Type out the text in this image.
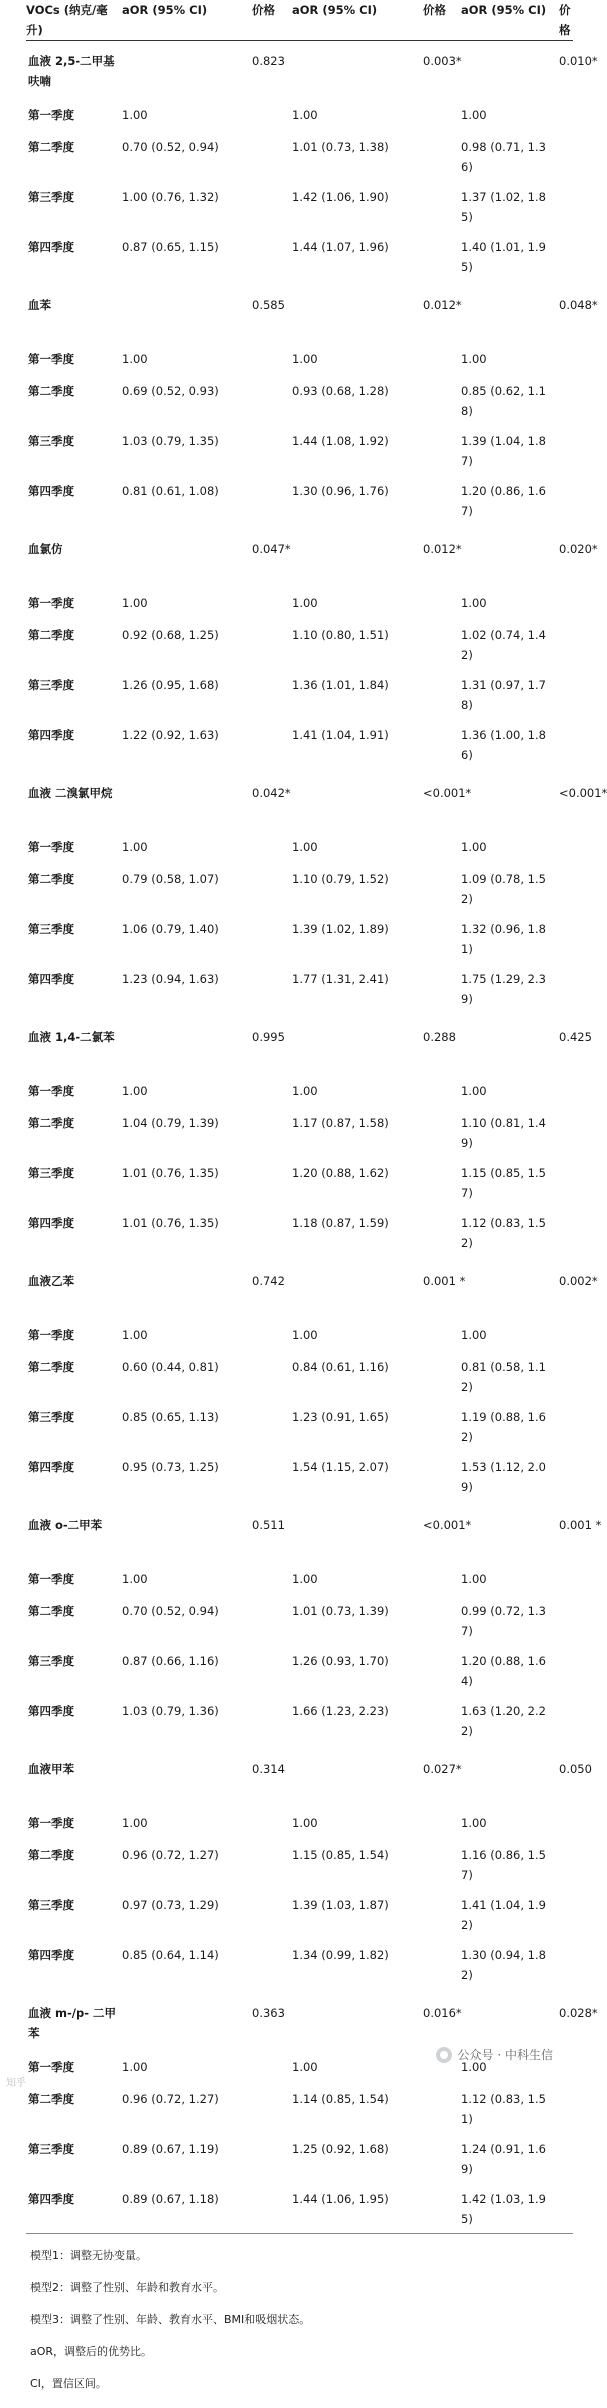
VOCs (纳克/毫升)	aOR (95% CI)	价格	aOR (95% CI)	价格	aOR (95% CI)	价格
血液 2,5-二甲基呋喃		0.823		0.003*		0.010*
第一季度	1.00		1.00		1.00	
第二季度	0.70 (0.52, 0.94)		1.01 (0.73, 1.38)		0.98 (0.71, 1.36)	
第三季度	1.00 (0.76, 1.32)		1.42 (1.06, 1.90)		1.37 (1.02, 1.85)	
第四季度	0.87 (0.65, 1.15)		1.44 (1.07, 1.96)		1.40 (1.01, 1.95)	
血苯		0.585		0.012*		0.048*
第一季度	1.00		1.00		1.00	
第二季度	0.69 (0.52, 0.93)		0.93 (0.68, 1.28)		0.85 (0.62, 1.18)	
第三季度	1.03 (0.79, 1.35)		1.44 (1.08, 1.92)		1.39 (1.04, 1.87)	
第四季度	0.81 (0.61, 1.08)		1.30 (0.96, 1.76)		1.20 (0.86, 1.67)	
血氯仿		0.047*		0.012*		0.020*
第一季度	1.00		1.00		1.00	
第二季度	0.92 (0.68, 1.25)		1.10 (0.80, 1.51)		1.02 (0.74, 1.42)	
第三季度	1.26 (0.95, 1.68)		1.36 (1.01, 1.84)		1.31 (0.97, 1.78)	
第四季度	1.22 (0.92, 1.63)		1.41 (1.04, 1.91)		1.36 (1.00, 1.86)	
血液 二溴氯甲烷		0.042*		<0.001*		<0.001*
第一季度	1.00		1.00		1.00	
第二季度	0.79 (0.58, 1.07)		1.10 (0.79, 1.52)		1.09 (0.78, 1.52)	
第三季度	1.06 (0.79, 1.40)		1.39 (1.02, 1.89)		1.32 (0.96, 1.81)	
第四季度	1.23 (0.94, 1.63)		1.77 (1.31, 2.41)		1.75 (1.29, 2.39)	
血液 1,4-二氯苯		0.995		0.288		0.425
第一季度	1.00		1.00		1.00	
第二季度	1.04 (0.79, 1.39)		1.17 (0.87, 1.58)		1.10 (0.81, 1.49)	
第三季度	1.01 (0.76, 1.35)		1.20 (0.88, 1.62)		1.15 (0.85, 1.57)	
第四季度	1.01 (0.76, 1.35)		1.18 (0.87, 1.59)		1.12 (0.83, 1.52)	
血液乙苯		0.742		0.001 *		0.002*
第一季度	1.00		1.00		1.00	
第二季度	0.60 (0.44, 0.81)		0.84 (0.61, 1.16)		0.81 (0.58, 1.12)	
第三季度	0.85 (0.65, 1.13)		1.23 (0.91, 1.65)		1.19 (0.88, 1.62)	
第四季度	0.95 (0.73, 1.25)		1.54 (1.15, 2.07)		1.53 (1.12, 2.09)	
血液 o-二甲苯		0.511		<0.001*		0.001 *
第一季度	1.00		1.00		1.00	
第二季度	0.70 (0.52, 0.94)		1.01 (0.73, 1.39)		0.99 (0.72, 1.37)	
第三季度	0.87 (0.66, 1.16)		1.26 (0.93, 1.70)		1.20 (0.88, 1.64)	
第四季度	1.03 (0.79, 1.36)		1.66 (1.23, 2.23)		1.63 (1.20, 2.22)	
血液甲苯		0.314		0.027*		0.050
第一季度	1.00		1.00		1.00	
第二季度	0.96 (0.72, 1.27)		1.15 (0.85, 1.54)		1.16 (0.86, 1.57)	
第三季度	0.97 (0.73, 1.29)		1.39 (1.03, 1.87)		1.41 (1.04, 1.92)	
第四季度	0.85 (0.64, 1.14)		1.34 (0.99, 1.82)		1.30 (0.94, 1.82)	
血液 m-/p- 二甲苯		0.363		0.016*		0.028*
第一季度	1.00		1.00		1.00	
第二季度	0.96 (0.72, 1.27)		1.14 (0.85, 1.54)		1.12 (0.83, 1.51)	
第三季度	0.89 (0.67, 1.19)		1.25 (0.92, 1.68)		1.24 (0.91, 1.69)	
第四季度	0.89 (0.67, 1.18)		1.44 (1.06, 1.95)		1.42 (1.03, 1.95)	
模型1：调整无协变量。
模型2：调整了性别、年龄和教育水平。
模型3：调整了性别、年龄、教育水平、BMI和吸烟状态。
aOR，调整后的优势比。
CI，置信区间。
公众号 · 中科生信
知乎
